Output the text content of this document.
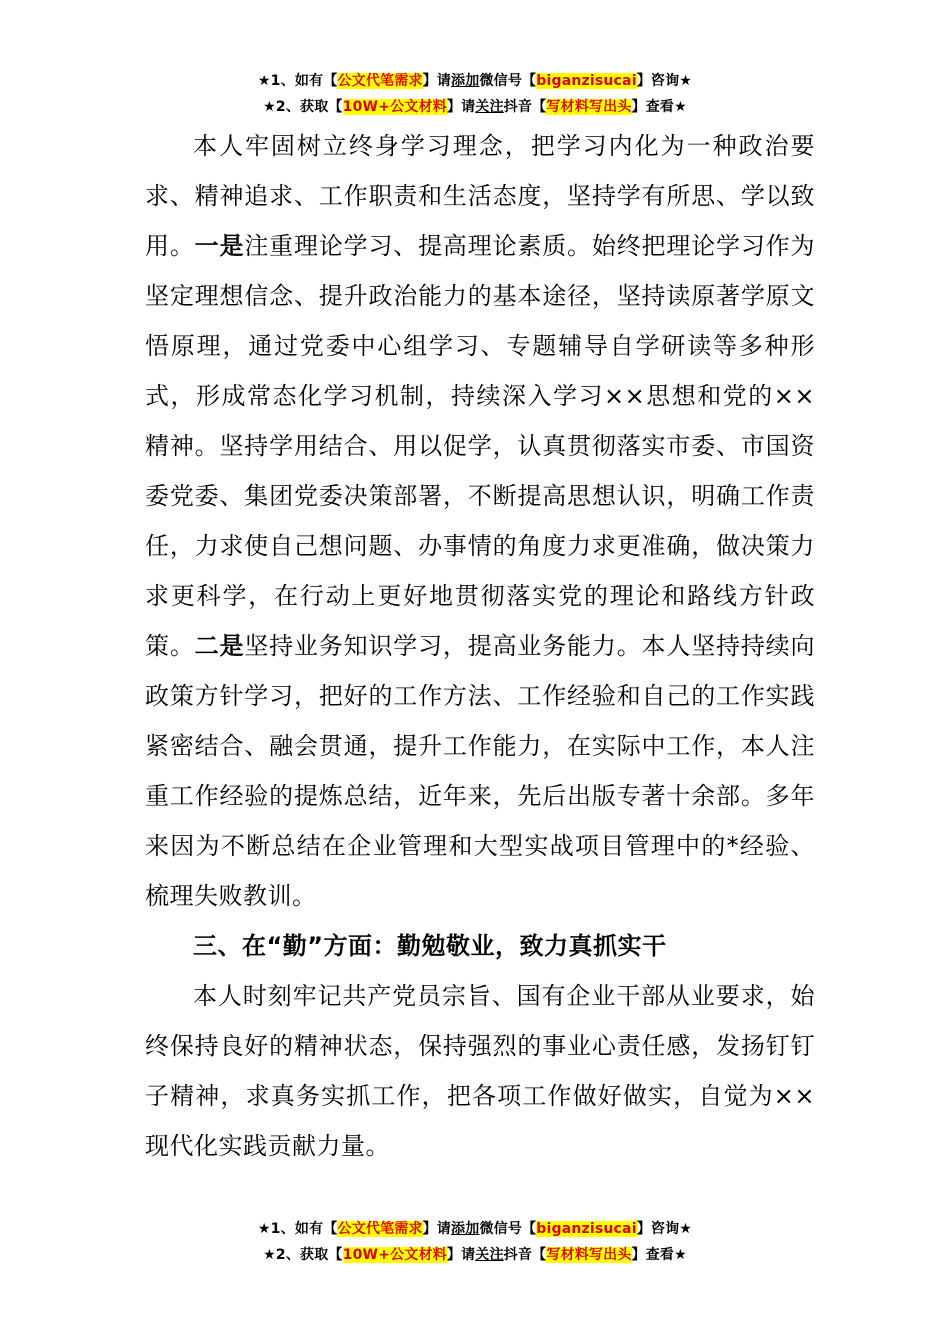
★1、如有【公文代笔需求】请添加微信号【biganzisucai】咨询★
★2、获取【10W+公文材料】请关注抖音【写材料写出头】查看★

本人牢固树立终身学习理念，把学习内化为一种政治要求、精神追求、工作职责和生活态度，坚持学有所思、学以致用。一是注重理论学习、提高理论素质。始终把理论学习作为坚定理想信念、提升政治能力的基本途径，坚持读原著学原文悟原理，通过党委中心组学习、专题辅导自学研读等多种形式，形成常态化学习机制，持续深入学习××思想和党的××精神。坚持学用结合、用以促学，认真贯彻落实市委、市国资委党委、集团党委决策部署，不断提高思想认识，明确工作责任，力求使自己想问题、办事情的角度力求更准确，做决策力求更科学，在行动上更好地贯彻落实党的理论和路线方针政策。二是坚持业务知识学习，提高业务能力。本人坚持持续向政策方针学习，把好的工作方法、工作经验和自己的工作实践紧密结合、融会贯通，提升工作能力，在实际中工作，本人注重工作经验的提炼总结，近年来，先后出版专著十余部。多年来因为不断总结在企业管理和大型实战项目管理中的*经验、梳理失败教训。

三、在“勤”方面：勤勉敬业，致力真抓实干

本人时刻牢记共产党员宗旨、国有企业干部从业要求，始终保持良好的精神状态，保持强烈的事业心责任感，发扬钉钉子精神，求真务实抓工作，把各项工作做好做实，自觉为××现代化实践贡献力量。

★1、如有【公文代笔需求】请添加微信号【biganzisucai】咨询★
★2、获取【10W+公文材料】请关注抖音【写材料写出头】查看★
